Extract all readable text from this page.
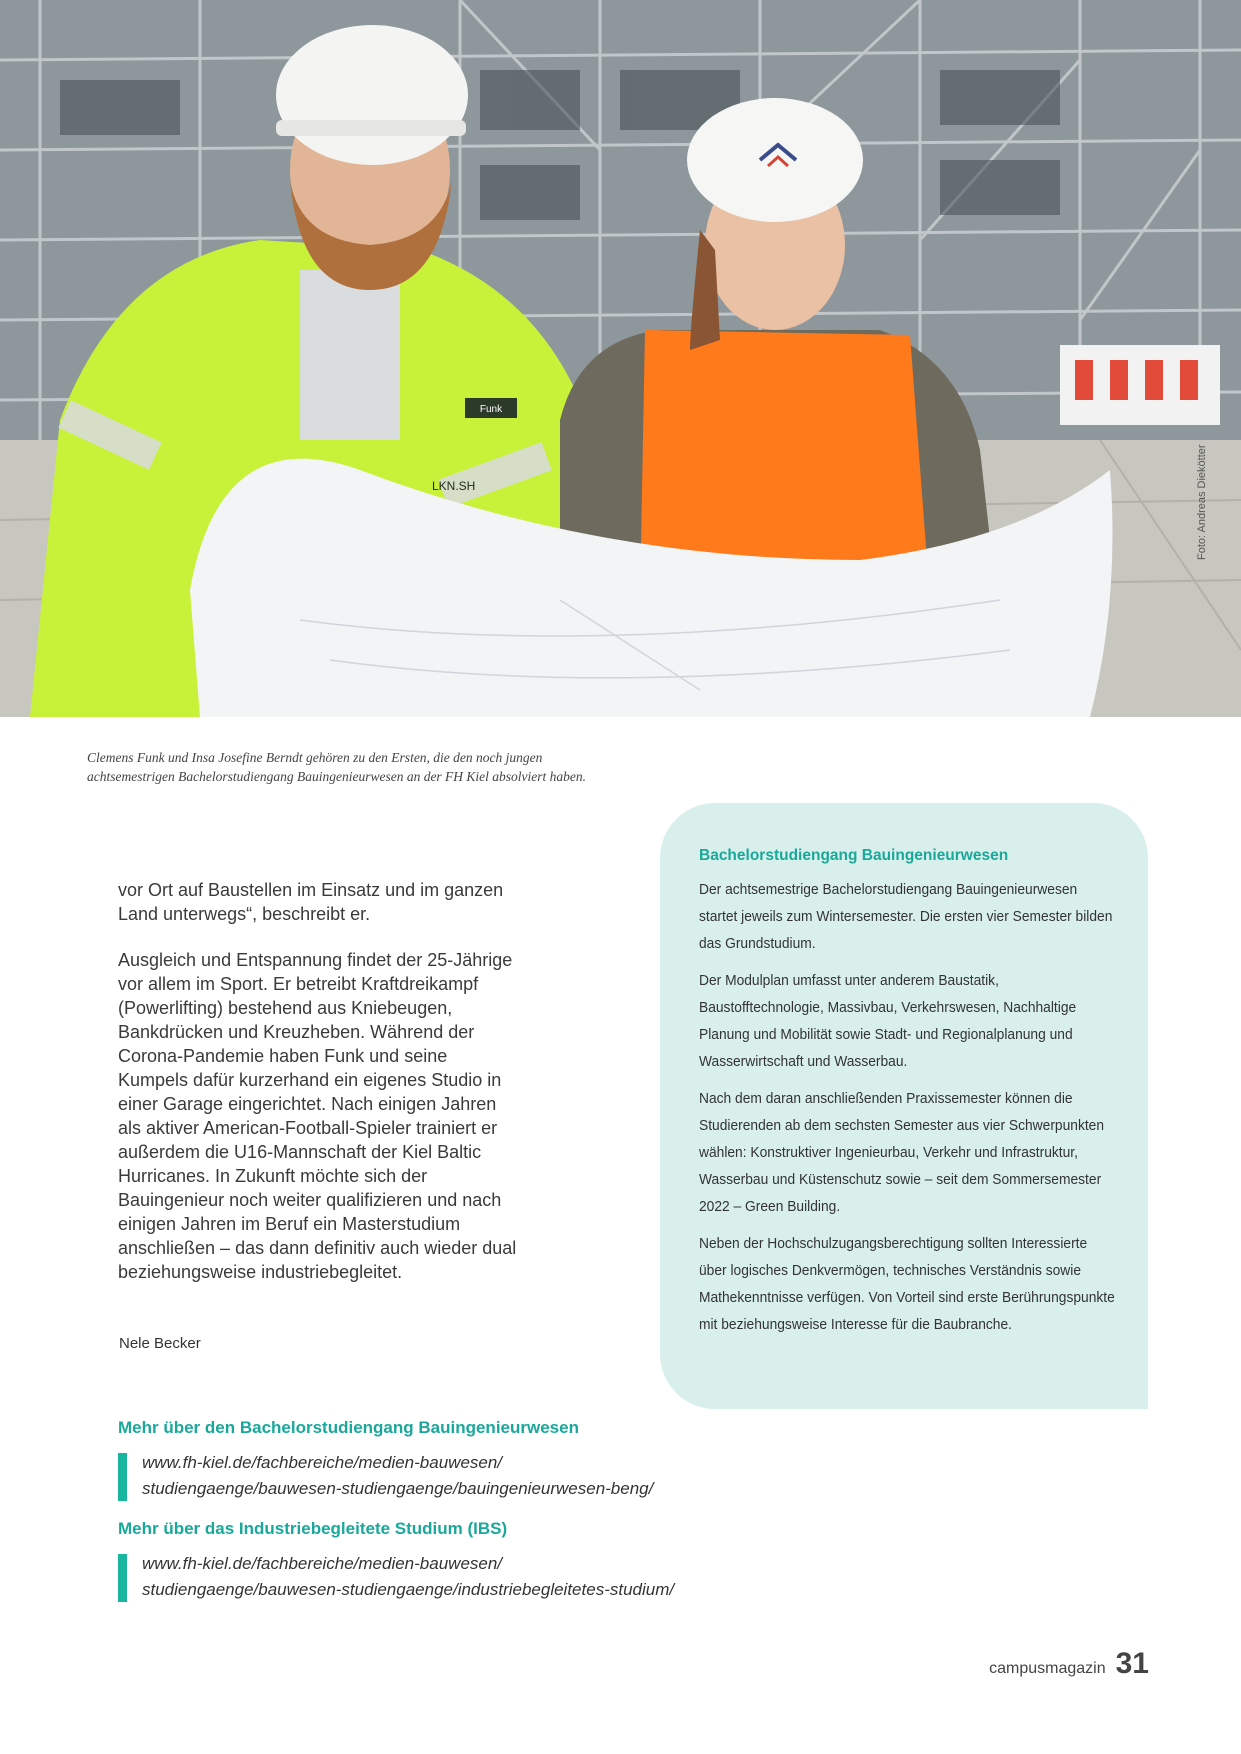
Funk
LKN.SH	Foto: Andreas Diekötter
Clemens Funk und Insa Josefine Berndt gehören zu den Ersten, die den noch jungen achtsemestrigen Bachelorstudiengang Bauingenieurwesen an der FH Kiel absolviert haben.

vor Ort auf Baustellen im Einsatz und im ganzen Land unterwegs“, beschreibt er.

Ausgleich und Entspannung findet der 25-Jährige vor allem im Sport. Er betreibt Kraftdreikampf (Powerlifting) bestehend aus Kniebeugen, Bankdrücken und Kreuzheben. Während der Corona-Pandemie haben Funk und seine Kumpels dafür kurzerhand ein eigenes Studio in einer Garage eingerichtet. Nach einigen Jahren als aktiver American-Football-Spieler trainiert er außerdem die U16-Mannschaft der Kiel Baltic Hurricanes. In Zukunft möchte sich der Bauingenieur noch weiter qualifizieren und nach einigen Jahren im Beruf ein Masterstudium anschließen – das dann definitiv auch wieder dual beziehungsweise industriebegleitet.

Nele Becker
Bachelorstudiengang Bauingenieurwesen

Der achtsemestrige Bachelorstudiengang Bauingenieurwesen startet jeweils zum Wintersemester. Die ersten vier Semester bilden das Grundstudium.

Der Modulplan umfasst unter anderem Baustatik, Baustofftechnologie, Massivbau, Verkehrswesen, Nachhaltige Planung und Mobilität sowie Stadt- und Regionalplanung und Wasserwirtschaft und Wasserbau.

Nach dem daran anschließenden Praxissemester können die Studierenden ab dem sechsten Semester aus vier Schwerpunkten wählen: Konstruktiver Ingenieurbau, Verkehr und Infrastruktur, Wasserbau und Küstenschutz sowie – seit dem Sommersemester 2022 – Green Building.

Neben der Hochschulzugangsberechtigung sollten Interessierte über logisches Denkvermögen, technisches Verständnis sowie Mathekenntnisse verfügen. Von Vorteil sind erste Berührungspunkte mit beziehungsweise Interesse für die Baubranche.

Mehr über den Bachelorstudiengang Bauingenieurwesen
www.fh-kiel.de/fachbereiche/medien-bauwesen/
studiengaenge/bauwesen-studiengaenge/bauingenieurwesen-beng/
Mehr über das Industriebegleitete Studium (IBS)
www.fh-kiel.de/fachbereiche/medien-bauwesen/
studiengaenge/bauwesen-studiengaenge/industriebegleitetes-studium/
campusmagazin 31
